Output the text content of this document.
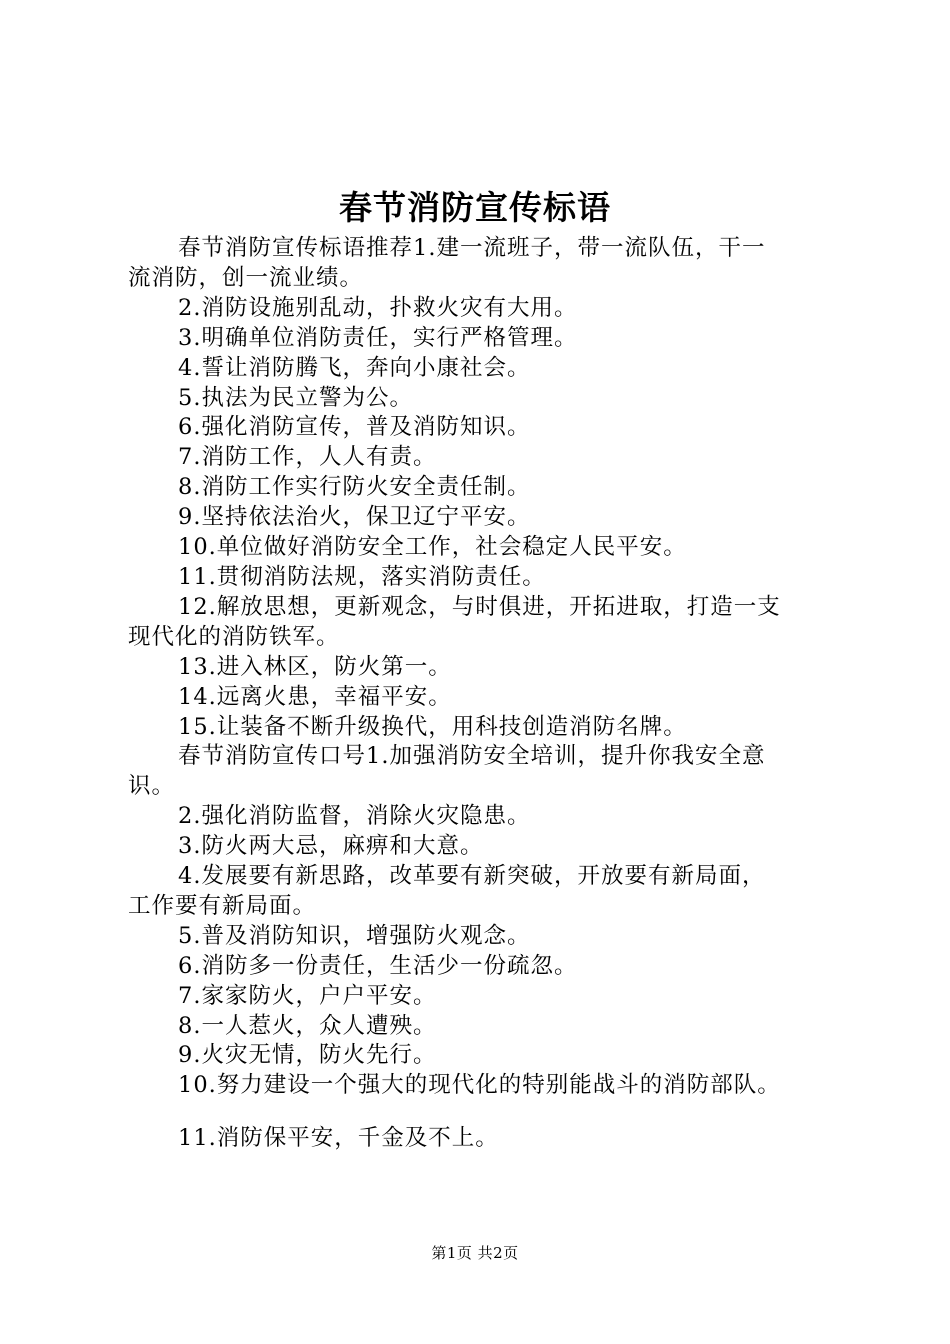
春节消防宣传标语
春节消防宣传标语推荐1.建一流班子，带一流队伍，干一
流消防，创一流业绩。
2.消防设施别乱动，扑救火灾有大用。
3.明确单位消防责任，实行严格管理。
4.誓让消防腾飞，奔向小康社会。
5.执法为民立警为公。
6.强化消防宣传，普及消防知识。
7.消防工作，人人有责。
8.消防工作实行防火安全责任制。
9.坚持依法治火，保卫辽宁平安。
10.单位做好消防安全工作，社会稳定人民平安。
11.贯彻消防法规，落实消防责任。
12.解放思想，更新观念，与时俱进，开拓进取，打造一支
现代化的消防铁军。
13.进入林区，防火第一。
14.远离火患，幸福平安。
15.让装备不断升级换代，用科技创造消防名牌。
春节消防宣传口号1.加强消防安全培训，提升你我安全意
识。
2.强化消防监督，消除火灾隐患。
3.防火两大忌，麻痹和大意。
4.发展要有新思路，改革要有新突破，开放要有新局面，
工作要有新局面。
5.普及消防知识，增强防火观念。
6.消防多一份责任，生活少一份疏忽。
7.家家防火，户户平安。
8.一人惹火，众人遭殃。
9.火灾无情，防火先行。
10.努力建设一个强大的现代化的特别能战斗的消防部队。
11.消防保平安，千金及不上。
第1页 共2页
